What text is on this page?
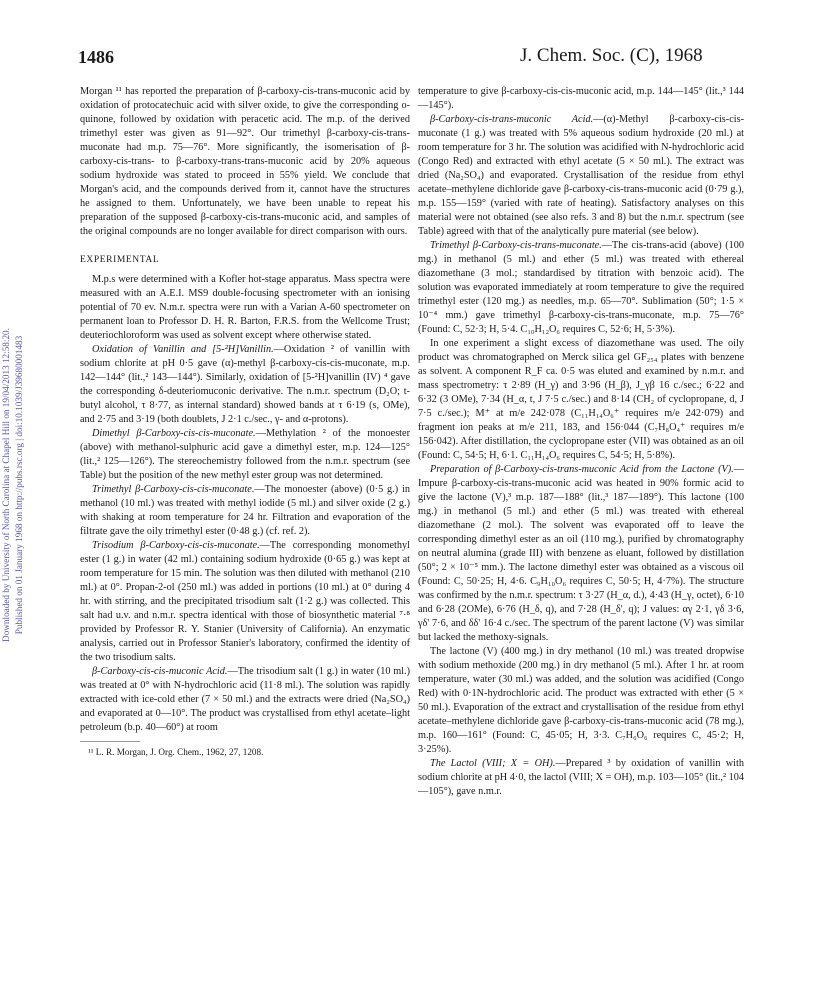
Downloaded by University of North Carolina at Chapel Hill on 19/04/2013 12:58:20. Published on 01 January 1968 on http://pubs.rsc.org | doi:10.1039/J39680001483
1486	J. Chem. Soc. (C), 1968

Morgan ¹¹ has reported the preparation of β-carboxy-cis-trans-muconic acid by oxidation of protocatechuic acid with silver oxide, to give the corresponding o-quinone, followed by oxidation with peracetic acid. The m.p. of the derived trimethyl ester was given as 91—92°. Our trimethyl β-carboxy-cis-trans-muconate had m.p. 75—76°. More significantly, the isomerisation of β-carboxy-cis-trans- to β-carboxy-trans-trans-muconic acid by 20% aqueous sodium hydroxide was stated to proceed in 55% yield. We conclude that Morgan's acid, and the compounds derived from it, cannot have the structures he assigned to them. Unfortunately, we have been unable to repeat his preparation of the supposed β-carboxy-cis-trans-muconic acid, and samples of the original compounds are no longer available for direct comparison with ours.

EXPERIMENTAL

M.p.s were determined with a Kofler hot-stage apparatus. Mass spectra were measured with an A.E.I. MS9 double-focusing spectrometer with an ionising potential of 70 ev. N.m.r. spectra were run with a Varian A-60 spectrometer on permanent loan to Professor D. H. R. Barton, F.R.S. from the Wellcome Trust; deuteriochloroform was used as solvent except where otherwise stated.

Oxidation of Vanillin and [5-²H]Vanillin.—Oxidation ² of vanillin with sodium chlorite at pH 0·5 gave (α)-methyl β-carboxy-cis-cis-muconate, m.p. 142—144° (lit.,² 143—144°). Similarly, oxidation of [5-²H]vanillin (IV) ⁴ gave the corresponding δ-deuteriomuconic derivative. The n.m.r. spectrum (D₂O; t-butyl alcohol, τ 8·77, as internal standard) showed bands at τ 6·19 (s, OMe), and 2·75 and 3·19 (both doublets, J 2·1 c./sec., γ- and α-protons).

Dimethyl β-Carboxy-cis-cis-muconate.—Methylation ² of the monoester (above) with methanol-sulphuric acid gave a dimethyl ester, m.p. 124—125° (lit.,² 125—126°). The stereochemistry followed from the n.m.r. spectrum (see Table) but the position of the new methyl ester group was not determined.

Trimethyl β-Carboxy-cis-cis-muconate.—The monoester (above) (0·5 g.) in methanol (10 ml.) was treated with methyl iodide (5 ml.) and silver oxide (2 g.) with shaking at room temperature for 24 hr. Filtration and evaporation of the filtrate gave the oily trimethyl ester (0·48 g.) (cf. ref. 2).

Trisodium β-Carboxy-cis-cis-muconate.—The corresponding monomethyl ester (1 g.) in water (42 ml.) containing sodium hydroxide (0·65 g.) was kept at room temperature for 15 min. The solution was then diluted with methanol (210 ml.) at 0°. Propan-2-ol (250 ml.) was added in portions (10 ml.) at 0° during 4 hr. with stirring, and the precipitated trisodium salt (1·2 g.) was collected. This salt had u.v. and n.m.r. spectra identical with those of biosynthetic material ⁷·⁸ provided by Professor R. Y. Stanier (University of California). An enzymatic analysis, carried out in Professor Stanier's laboratory, confirmed the identity of the two trisodium salts.

β-Carboxy-cis-cis-muconic Acid.—The trisodium salt (1 g.) in water (10 ml.) was treated at 0° with N-hydrochloric acid (11·8 ml.). The solution was rapidly extracted with ice-cold ether (7 × 50 ml.) and the extracts were dried (Na₂SO₄) and evaporated at 0—10°. The product was crystallised from ethyl acetate–light petroleum (b.p. 40—60°) at room

¹¹ L. R. Morgan, J. Org. Chem., 1962, 27, 1208.

temperature to give β-carboxy-cis-cis-muconic acid, m.p. 144—145° (lit.,³ 144—145°).

β-Carboxy-cis-trans-muconic Acid.—(α)-Methyl β-carboxy-cis-cis-muconate (1 g.) was treated with 5% aqueous sodium hydroxide (20 ml.) at room temperature for 3 hr. The solution was acidified with N-hydrochloric acid (Congo Red) and extracted with ethyl acetate (5 × 50 ml.). The extract was dried (Na₂SO₄) and evaporated. Crystallisation of the residue from ethyl acetate–methylene dichloride gave β-carboxy-cis-trans-muconic acid (0·79 g.), m.p. 155—159° (varied with rate of heating). Satisfactory analyses on this material were not obtained (see also refs. 3 and 8) but the n.m.r. spectrum (see Table) agreed with that of the analytically pure material (see below).

Trimethyl β-Carboxy-cis-trans-muconate.—The cis-trans-acid (above) (100 mg.) in methanol (5 ml.) and ether (5 ml.) was treated with ethereal diazomethane (3 mol.; standardised by titration with benzoic acid). The solution was evaporated immediately at room temperature to give the required trimethyl ester (120 mg.) as needles, m.p. 65—70°. Sublimation (50°; 1·5 × 10⁻⁴ mm.) gave trimethyl β-carboxy-cis-trans-muconate, m.p. 75—76° (Found: C, 52·3; H, 5·4. C₁₀H₁₂O₆ requires C, 52·6; H, 5·3%).

In one experiment a slight excess of diazomethane was used. The oily product was chromatographed on Merck silica gel GF₂₅₄ plates with benzene as solvent. A component R_F ca. 0·5 was eluted and examined by n.m.r. and mass spectrometry: τ 2·89 (H_γ) and 3·96 (H_β), J_γβ 16 c./sec.; 6·22 and 6·32 (3 OMe), 7·34 (H_α, t, J 7·5 c./sec.) and 8·14 (CH₂ of cyclopropane, d, J 7·5 c./sec.); M⁺ at m/e 242·078 (C₁₁H₁₄O₆⁺ requires m/e 242·079) and fragment ion peaks at m/e 211, 183, and 156·044 (C₇H₈O₄⁺ requires m/e 156·042). After distillation, the cyclopropane ester (VII) was obtained as an oil (Found: C, 54·5; H, 6·1. C₁₁H₁₄O₆ requires C, 54·5; H, 5·8%).

Preparation of β-Carboxy-cis-trans-muconic Acid from the Lactone (V).—Impure β-carboxy-cis-trans-muconic acid was heated in 90% formic acid to give the lactone (V),³ m.p. 187—188° (lit.,³ 187—189°). This lactone (100 mg.) in methanol (5 ml.) and ether (5 ml.) was treated with ethereal diazomethane (2 mol.). The solvent was evaporated off to leave the corresponding dimethyl ester as an oil (110 mg.), purified by chromatography on neutral alumina (grade III) with benzene as eluant, followed by distillation (50°; 2 × 10⁻⁵ mm.). The lactone dimethyl ester was obtained as a viscous oil (Found: C, 50·25; H, 4·6. C₉H₁₀O₆ requires C, 50·5; H, 4·7%). The structure was confirmed by the n.m.r. spectrum: τ 3·27 (H_α, d.), 4·43 (H_γ, octet), 6·10 and 6·28 (2OMe), 6·76 (H_δ, q), and 7·28 (H_δ', q); J values: αγ 2·1, γδ 3·6, γδ' 7·6, and δδ' 16·4 c./sec. The spectrum of the parent lactone (V) was similar but lacked the methoxy-signals.

The lactone (V) (400 mg.) in dry methanol (10 ml.) was treated dropwise with sodium methoxide (200 mg.) in dry methanol (5 ml.). After 1 hr. at room temperature, water (30 ml.) was added, and the solution was acidified (Congo Red) with 0·1N-hydrochloric acid. The product was extracted with ether (5 × 50 ml.). Evaporation of the extract and crystallisation of the residue from ethyl acetate–methylene dichloride gave β-carboxy-cis-trans-muconic acid (78 mg.), m.p. 160—161° (Found: C, 45·05; H, 3·3. C₇H₆O₆ requires C, 45·2; H, 3·25%).

The Lactol (VIII; X = OH).—Prepared ³ by oxidation of vanillin with sodium chlorite at pH 4·0, the lactol (VIII; X = OH), m.p. 103—105° (lit.,² 104—105°), gave n.m.r.
